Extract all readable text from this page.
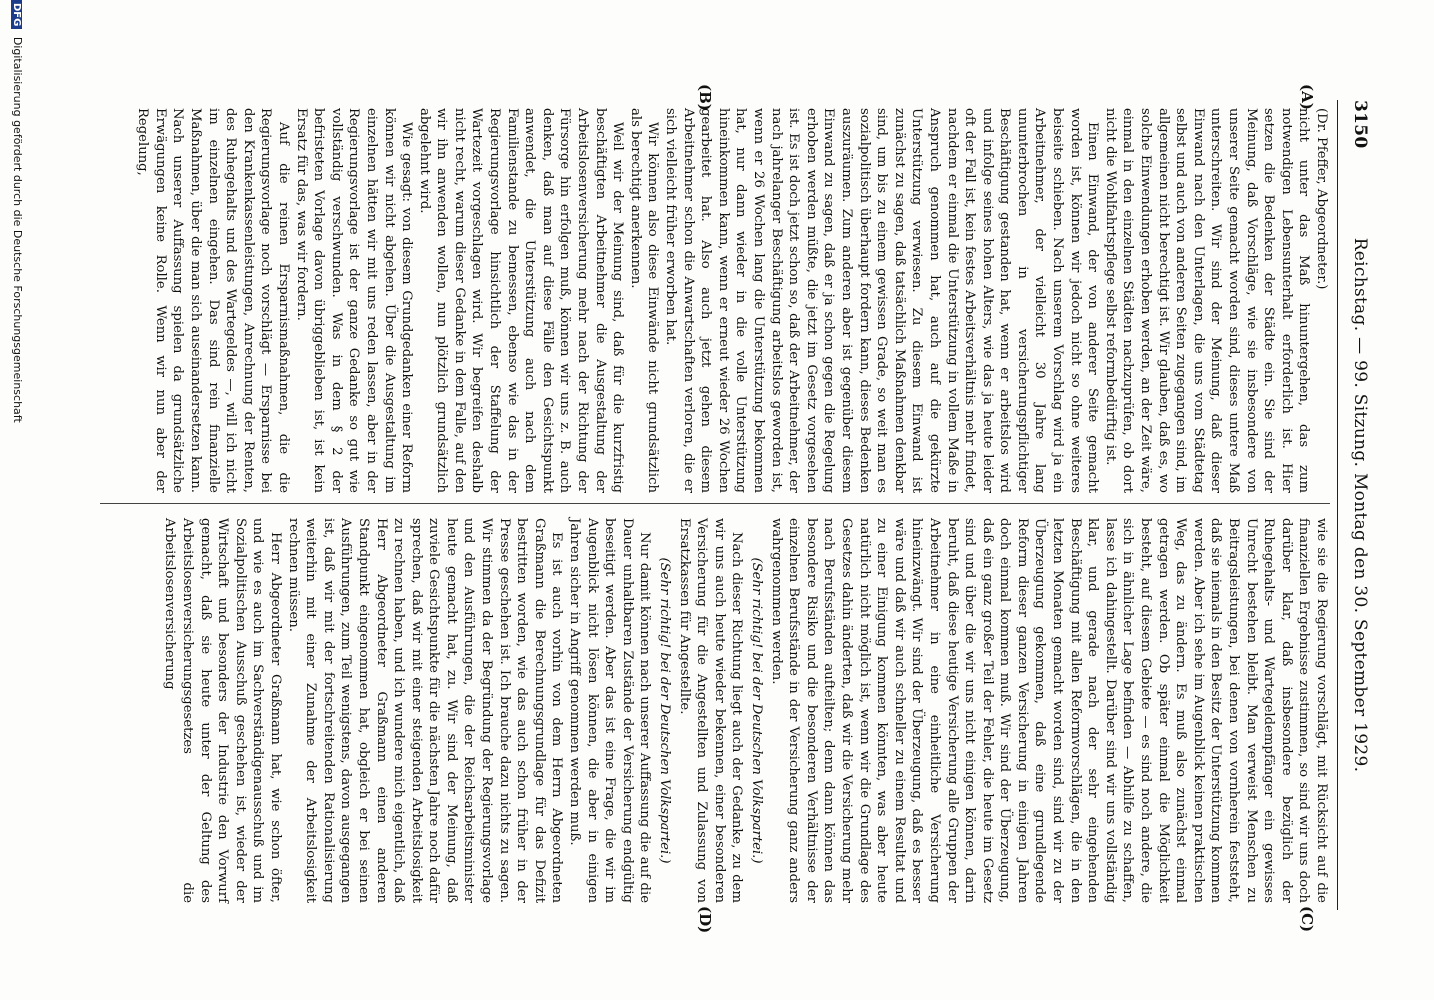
3150
Reichstag. — 99. Sitzung. Montag den 30. September 1929.
(A)
(B)
(C)
(D)

(Dr. Pfeffer, Abgeordneter.)

nicht unter das Maß hinuntergehen, das zum notwendigen Lebensunterhalt erforderlich ist. Hier setzen die Bedenken der Städte ein. Sie sind der Meinung, daß Vorschläge, wie sie insbesondere von unserer Seite gemacht worden sind, dieses untere Maß unterschreiten. Wir sind der Meinung, daß dieser Einwand nach den Unterlagen, die uns vom Städtetag selbst und auch von anderen Seiten zugegangen sind, im allgemeinen nicht berechtigt ist. Wir glauben, daß es, wo solche Einwendungen erhoben werden, an der Zeit wäre, einmal in den einzelnen Städten nachzuprüfen, ob dort nicht die Wohlfahrtspflege selbst reformbedürftig ist.

Einen Einwand, der von anderer Seite gemacht worden ist, können wir jedoch nicht so ohne weiteres beiseite schieben. Nach unserem Vorschlag wird ja ein Arbeitnehmer, der vielleicht 30 Jahre lang ununterbrochen in versicherungspflichtiger Beschäftigung gestanden hat, wenn er arbeitslos wird und infolge seines hohen Alters, wie das ja heute leider oft der Fall ist, kein festes Arbeitsverhältnis mehr findet, nachdem er einmal die Unterstützung in vollem Maße in Anspruch genommen hat, auch auf die gekürzte Unterstützung verwiesen. Zu diesem Einwand ist zunächst zu sagen, daß tatsächlich Maßnahmen denkbar sind, um bis zu einem gewissen Grade, so weit man es sozialpolitisch überhaupt fordern kann, dieses Bedenken auszuräumen. Zum anderen aber ist gegenüber diesem Einwand zu sagen, daß er ja schon gegen die Regelung erhoben werden müßte, die jetzt im Gesetz vorgesehen ist. Es ist doch jetzt schon so, daß der Arbeitnehmer, der nach jahrelanger Beschäftigung arbeitslos geworden ist, wenn er 26 Wochen lang die Unterstützung bekommen hat, nur dann wieder in die volle Unterstützung hineinkommen kann, wenn er erneut wieder 26 Wochen gearbeitet hat. Also auch jetzt gehen diesem Arbeitnehmer schon die Anwartschaften verloren, die er sich vielleicht früher erworben hat.

Wir können also diese Einwände nicht grundsätzlich als berechtigt anerkennen.

Weil wir der Meinung sind, daß für die kurzfristig beschäftigten Arbeitnehmer die Ausgestaltung der Arbeitslosenversicherung mehr nach der Richtung der Fürsorge hin erfolgen muß, können wir uns z. B. auch denken, daß man auf diese Fälle den Gesichtspunkt anwendet, die Unterstützung auch nach dem Familienstande zu bemessen, ebenso wie das in der Regierungsvorlage hinsichtlich der Staffelung der Wartezeit vorgeschlagen wird. Wir begreifen deshalb nicht recht, warum dieser Gedanke in dem Falle, auf den wir ihn anwenden wollen, nun plötzlich grundsätzlich abgelehnt wird.

Wie gesagt: von diesem Grundgedanken einer Reform können wir nicht abgehen. Über die Ausgestaltung im einzelnen hätten wir mit uns reden lassen, aber in der Regierungsvorlage ist der ganze Gedanke so gut wie vollständig verschwunden. Was in dem § 2 der befristeten Vorlage davon übriggeblieben ist, ist kein Ersatz für das, was wir fordern.

Auf die reinen Ersparnismaßnahmen, die die Regierungsvorlage noch vorschlägt — Ersparnisse bei den Krankenkassenleistungen, Anrechnung der Renten, des Ruhegehalts und des Wartegeldes —, will ich nicht im einzelnen eingehen. Das sind rein finanzielle Maßnahmen, über die man sich auseinandersetzen kann. Nach unserer Auffassung spielen da grundsätzliche Erwägungen keine Rolle. Wenn wir nun aber der Regelung,

wie sie die Regierung vorschlägt, mit Rücksicht auf die finanziellen Ergebnisse zustimmen, so sind wir uns doch darüber klar, daß insbesondere bezüglich der Ruhegehalts- und Wartegeldempfänger ein gewisses Unrecht bestehen bleibt. Man verweist Menschen zu Beitragsleistungen, bei denen von vornherein feststeht, daß sie niemals in den Besitz der Unterstützung kommen werden. Aber ich sehe im Augenblick keinen praktischen Weg, das zu ändern. Es muß also zunächst einmal getragen werden. Ob später einmal die Möglichkeit besteht, auf diesem Gebiete — es sind noch andere, die sich in ähnlicher Lage befinden — Abhilfe zu schaffen, lasse ich dahingestellt. Darüber sind wir uns vollständig klar, und gerade nach der sehr eingehenden Beschäftigung mit allen Reformvorschlägen, die in den letzten Monaten gemacht worden sind, sind wir zu der Überzeugung gekommen, daß eine grundlegende Reform dieser ganzen Versicherung in einigen Jahren doch einmal kommen muß. Wir sind der Überzeugung, daß ein ganz großer Teil der Fehler, die heute im Gesetz sind und über die wir uns nicht einigen können, darin beruht, daß diese heutige Versicherung alle Gruppen der Arbeitnehmer in eine einheitliche Versicherung hineinzwängt. Wir sind der Überzeugung, daß es besser wäre und daß wir auch schneller zu einem Resultat und zu einer Einigung kommen könnten, was aber heute natürlich nicht möglich ist, wenn wir die Grundlage des Gesetzes dahin änderten, daß wir die Versicherung mehr nach Berufsständen aufteilten; denn dann können das besondere Risiko und die besonderen Verhältnisse der einzelnen Berufsstände in der Versicherung ganz anders wahrgenommen werden.

(Sehr richtig! bei der Deutschen Volkspartei.)

Nach dieser Richtung liegt auch der Gedanke, zu dem wir uns auch heute wieder bekennen, einer besonderen Versicherung für die Angestellten und Zulassung von Ersatzkassen für Angestellte.

(Sehr richtig! bei der Deutschen Volkspartei.)

Nur damit können nach unserer Auffassung die auf die Dauer unhaltbaren Zustände der Versicherung endgültig beseitigt werden. Aber das ist eine Frage, die wir im Augenblick nicht lösen können, die aber in einigen Jahren sicher in Angriff genommen werden muß.

Es ist auch vorhin von dem Herrn Abgeordneten Graßmann die Berechnungsgrundlage für das Defizit bestritten worden, wie das auch schon früher in der Presse geschehen ist. Ich brauche dazu nichts zu sagen. Wir stimmen da der Begründung der Regierungsvorlage und den Ausführungen, die der Reichsarbeitsminister heute gemacht hat, zu. Wir sind der Meinung, daß zuviele Gesichtspunkte für die nächsten Jahre noch dafür sprechen, daß wir mit einer steigenden Arbeitslosigkeit zu rechnen haben, und ich wundere mich eigentlich, daß Herr Abgeordneter Graßmann einen anderen Standpunkt eingenommen hat, obgleich er bei seinen Ausführungen, zum Teil wenigstens, davon ausgegangen ist, daß wir mit der fortschreitenden Rationalisierung weiterhin mit einer Zunahme der Arbeitslosigkeit rechnen müssen.

Herr Abgeordneter Graßmann hat, wie schon öfter, und wie es auch im Sachverständigenausschuß und im Sozialpolitischen Ausschuß geschehen ist, wieder der Wirtschaft und besonders der Industrie den Vorwurf gemacht, daß sie heute unter der Geltung des Arbeitslosenversicherungsgesetzes die Arbeitslosenversicherung

DFG Digitalisierung gefördert durch die Deutsche Forschungsgemeinschaft
